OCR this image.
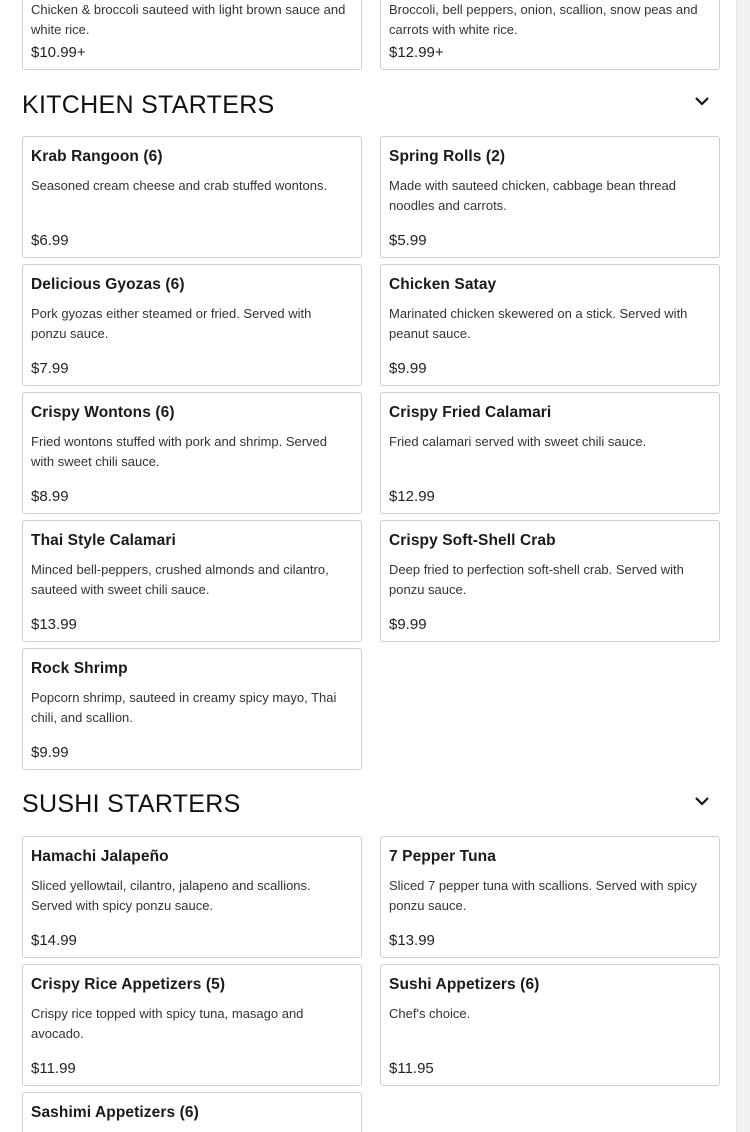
Chicken & broccoli sauteed with light brown sauce and white rice.
$10.99+
Broccoli, bell peppers, onion, scallion, snow peas and carrots with white rice.
$12.99+
KITCHEN STARTERS
Krab Rangoon (6)
Seasoned cream cheese and crab stuffed wontons.
$6.99
Spring Rolls (2)
Made with sauteed chicken, cabbage bean thread noodles and carrots.
$5.99
Delicious Gyozas (6)
Pork gyozas either steamed or fried. Served with ponzu sauce.
$7.99
Chicken Satay
Marinated chicken skewered on a stick. Served with peanut sauce.
$9.99
Crispy Wontons (6)
Fried wontons stuffed with pork and shrimp. Served with sweet chili sauce.
$8.99
Crispy Fried Calamari
Fried calamari served with sweet chili sauce.
$12.99
Thai Style Calamari
Minced bell-peppers, crushed almonds and cilantro, sauteed with sweet chili sauce.
$13.99
Crispy Soft-Shell Crab
Deep fried to perfection soft-shell crab. Served with ponzu sauce.
$9.99
Rock Shrimp
Popcorn shrimp, sauteed in creamy spicy mayo, Thai chili, and scallion.
$9.99
SUSHI STARTERS
Hamachi Jalapeño
Sliced yellowtail, cilantro, jalapeno and scallions. Served with spicy ponzu sauce.
$14.99
7 Pepper Tuna
Sliced 7 pepper tuna with scallions. Served with spicy ponzu sauce.
$13.99
Crispy Rice Appetizers (5)
Crispy rice topped with spicy tuna, masago and avocado.
$11.99
Sushi Appetizers (6)
Chef's choice.
$11.95
Sashimi Appetizers (6)
